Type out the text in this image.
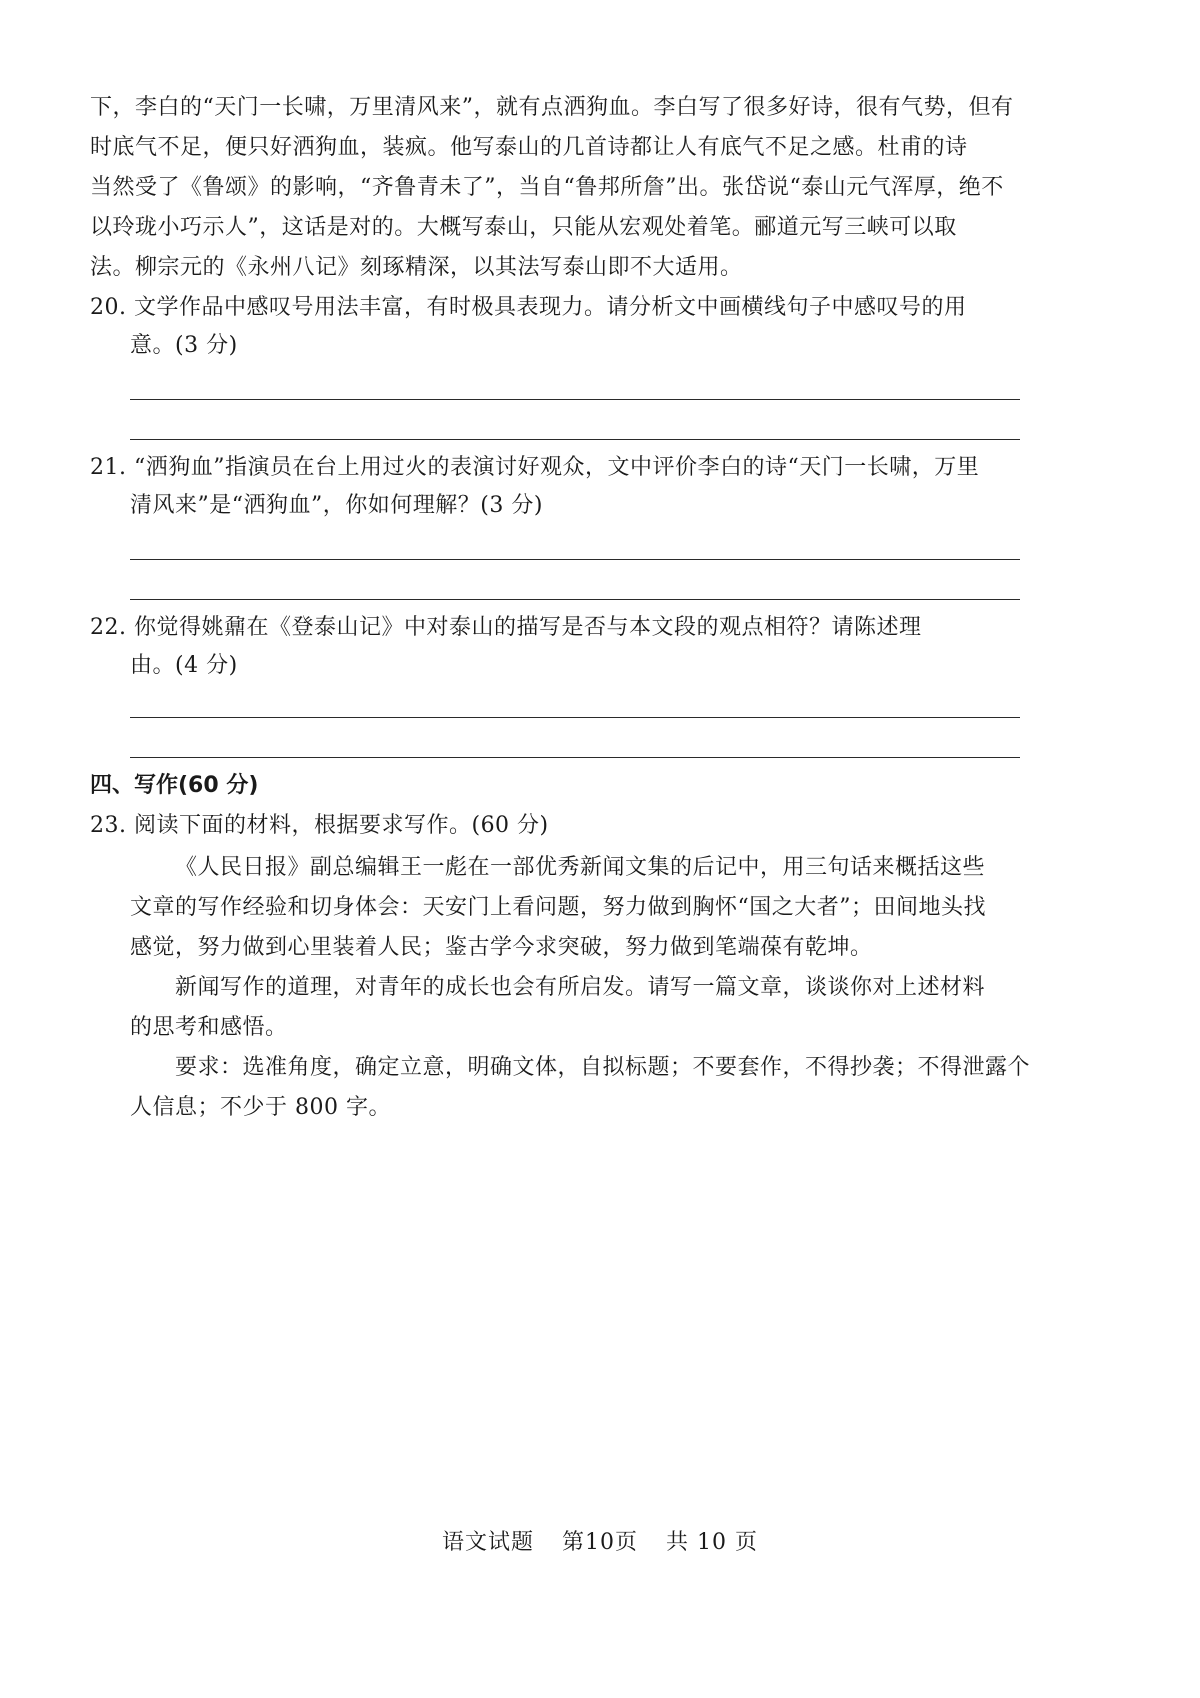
下，李白的“天门一长啸，万里清风来”，就有点洒狗血。李白写了很多好诗，很有气势，但有
时底气不足，便只好洒狗血，装疯。他写泰山的几首诗都让人有底气不足之感。杜甫的诗
当然受了《鲁颂》的影响，“齐鲁青未了”，当自“鲁邦所詹”出。张岱说“泰山元气浑厚，绝不
以玲珑小巧示人”，这话是对的。大概写泰山，只能从宏观处着笔。郦道元写三峡可以取
法。柳宗元的《永州八记》刻琢精深，以其法写泰山即不大适用。
20. 文学作品中感叹号用法丰富，有时极具表现力。请分析文中画横线句子中感叹号的用
意。(3 分)
21. “洒狗血”指演员在台上用过火的表演讨好观众，文中评价李白的诗“天门一长啸，万里
清风来”是“洒狗血”，你如何理解？(3 分)
22. 你觉得姚鼐在《登泰山记》中对泰山的描写是否与本文段的观点相符？请陈述理
由。(4 分)
四、写作(60 分)
23. 阅读下面的材料，根据要求写作。(60 分)
《人民日报》副总编辑王一彪在一部优秀新闻文集的后记中，用三句话来概括这些
文章的写作经验和切身体会：天安门上看问题，努力做到胸怀“国之大者”；田间地头找
感觉，努力做到心里装着人民；鉴古学今求突破，努力做到笔端葆有乾坤。
新闻写作的道理，对青年的成长也会有所启发。请写一篇文章，谈谈你对上述材料
的思考和感悟。
要求：选准角度，确定立意，明确文体，自拟标题；不要套作，不得抄袭；不得泄露个
人信息；不少于 800 字。
语文试题 第10页 共 10 页
